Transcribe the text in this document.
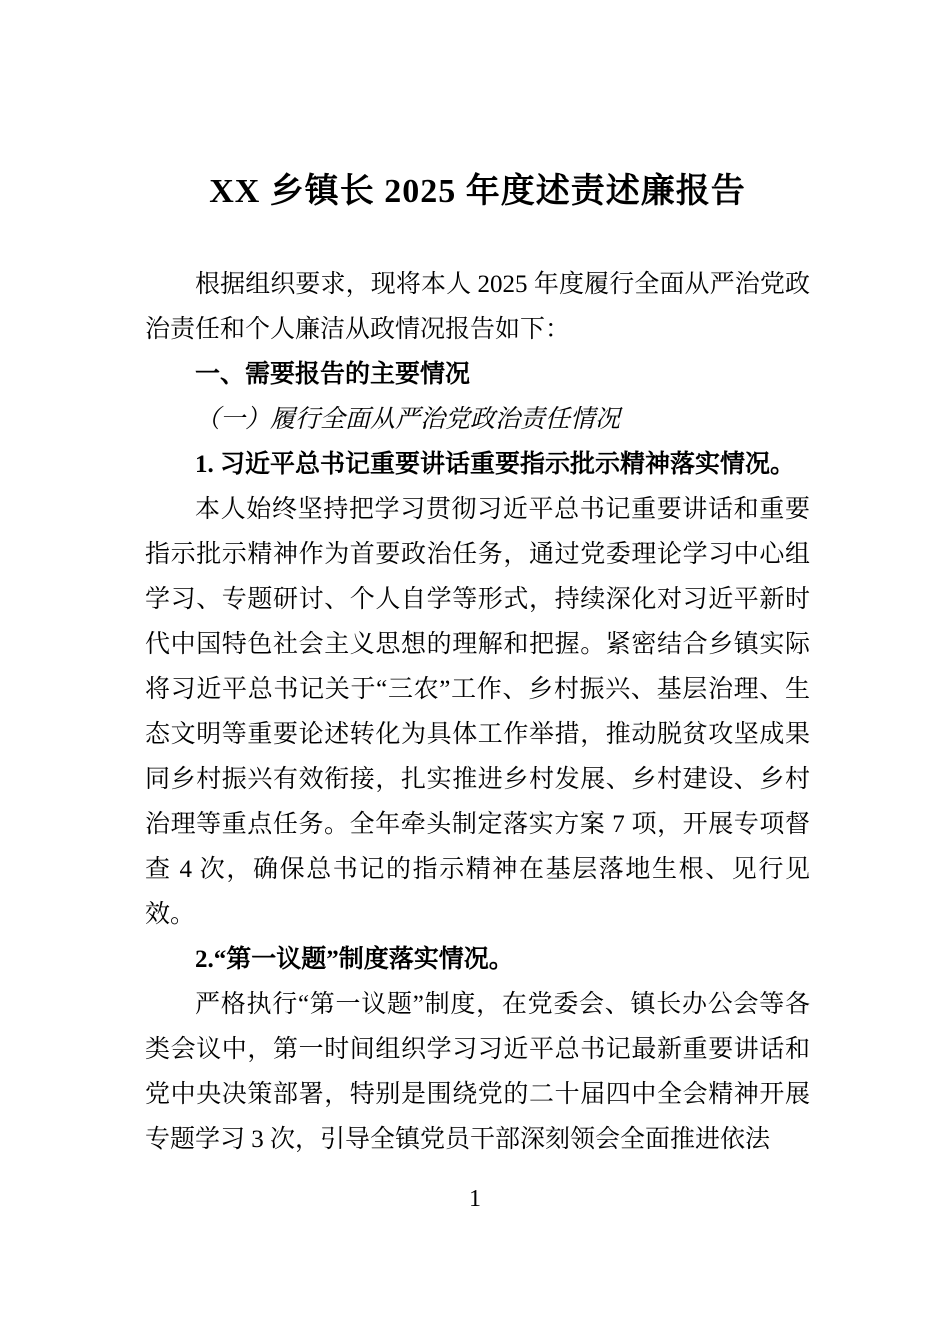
XX 乡镇长 2025 年度述责述廉报告

根据组织要求，现将本人 2025 年度履行全面从严治党政治责任和个人廉洁从政情况报告如下：

一、需要报告的主要情况

（一）履行全面从严治党政治责任情况

1. 习近平总书记重要讲话重要指示批示精神落实情况。

本人始终坚持把学习贯彻习近平总书记重要讲话和重要指示批示精神作为首要政治任务，通过党委理论学习中心组学习、专题研讨、个人自学等形式，持续深化对习近平新时代中国特色社会主义思想的理解和把握。紧密结合乡镇实际将习近平总书记关于“三农”工作、乡村振兴、基层治理、生态文明等重要论述转化为具体工作举措，推动脱贫攻坚成果同乡村振兴有效衔接，扎实推进乡村发展、乡村建设、乡村治理等重点任务。全年牵头制定落实方案 7 项，开展专项督查 4 次，确保总书记的指示精神在基层落地生根、见行见效。

2.“第一议题”制度落实情况。

严格执行“第一议题”制度，在党委会、镇长办公会等各类会议中，第一时间组织学习习近平总书记最新重要讲话和党中央决策部署，特别是围绕党的二十届四中全会精神开展专题学习 3 次，引导全镇党员干部深刻领会全面推进依法

1
